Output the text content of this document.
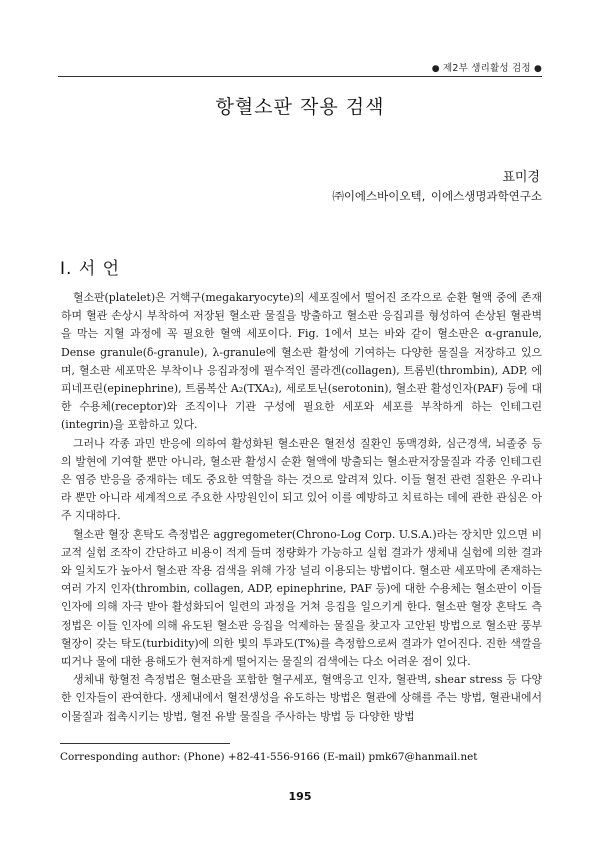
● 제2부 생리활성 검정 ●
항혈소판 작용 검색
표미경
㈜이에스바이오텍, 이에스생명과학연구소
I. 서 언

혈소판(platelet)은 거핵구(megakaryocyte)의 세포질에서 떨어진 조각으로 순환 혈액 중에 존재하며 혈관 손상시 부착하여 저장된 혈소판 물질을 방출하고 혈소판 응집괴를 형성하여 손상된 혈관벽을 막는 지혈 과정에 꼭 필요한 혈액 세포이다. Fig. 1에서 보는 바와 같이 혈소판은 α-granule, Dense granule(δ-granule), λ-granule에 혈소판 활성에 기여하는 다양한 물질을 저장하고 있으며, 혈소판 세포막은 부착이나 응집과정에 필수적인 콜라겐(collagen), 트롬빈(thrombin), ADP, 에피네프린(epinephrine), 트롬복산 A₂(TXA₂), 세로토닌(serotonin), 혈소판 활성인자(PAF) 등에 대한 수용체(receptor)와 조직이나 기관 구성에 필요한 세포와 세포를 부착하게 하는 인테그린(integrin)을 포함하고 있다.

그러나 각종 과민 반응에 의하여 활성화된 혈소판은 혈전성 질환인 동맥경화, 심근경색, 뇌졸중 등의 발현에 기여할 뿐만 아니라, 혈소판 활성시 순환 혈액에 방출되는 혈소판저장물질과 각종 인테그린은 염증 반응을 중재하는 데도 중요한 역할을 하는 것으로 알려져 있다. 이들 혈전 관련 질환은 우리나라 뿐만 아니라 세계적으로 주요한 사망원인이 되고 있어 이를 예방하고 치료하는 데에 관한 관심은 아주 지대하다.

혈소판 혈장 혼탁도 측정법은 aggregometer(Chrono-Log Corp. U.S.A.)라는 장치만 있으면 비교적 실험 조작이 간단하고 비용이 적게 들며 정량화가 가능하고 실험 결과가 생체내 실험에 의한 결과와 일치도가 높아서 혈소판 작용 검색을 위해 가장 널리 이용되는 방법이다. 혈소판 세포막에 존재하는 여러 가지 인자(thrombin, collagen, ADP, epinephrine, PAF 등)에 대한 수용체는 혈소판이 이들 인자에 의해 자극 받아 활성화되어 일련의 과정을 거쳐 응집을 일으키게 한다. 혈소판 혈장 혼탁도 측정법은 이들 인자에 의해 유도된 혈소판 응집을 억제하는 물질을 찾고자 고안된 방법으로 혈소판 풍부혈장이 갖는 탁도(turbidity)에 의한 빛의 투과도(T%)를 측정함으로써 결과가 얻어진다. 진한 색깔을 띠거나 물에 대한 용해도가 현저하게 떨어지는 물질의 검색에는 다소 어려운 점이 있다.

생체내 항혈전 측정법은 혈소판을 포함한 혈구세포, 혈액응고 인자, 혈관벽, shear stress 등 다양한 인자들이 관여한다. 생체내에서 혈전생성을 유도하는 방법은 혈관에 상해를 주는 방법, 혈관내에서 이물질과 접촉시키는 방법, 혈전 유발 물질을 주사하는 방법 등 다양한 방법

Corresponding author: (Phone) +82-41-556-9166 (E-mail) pmk67@hanmail.net
195
